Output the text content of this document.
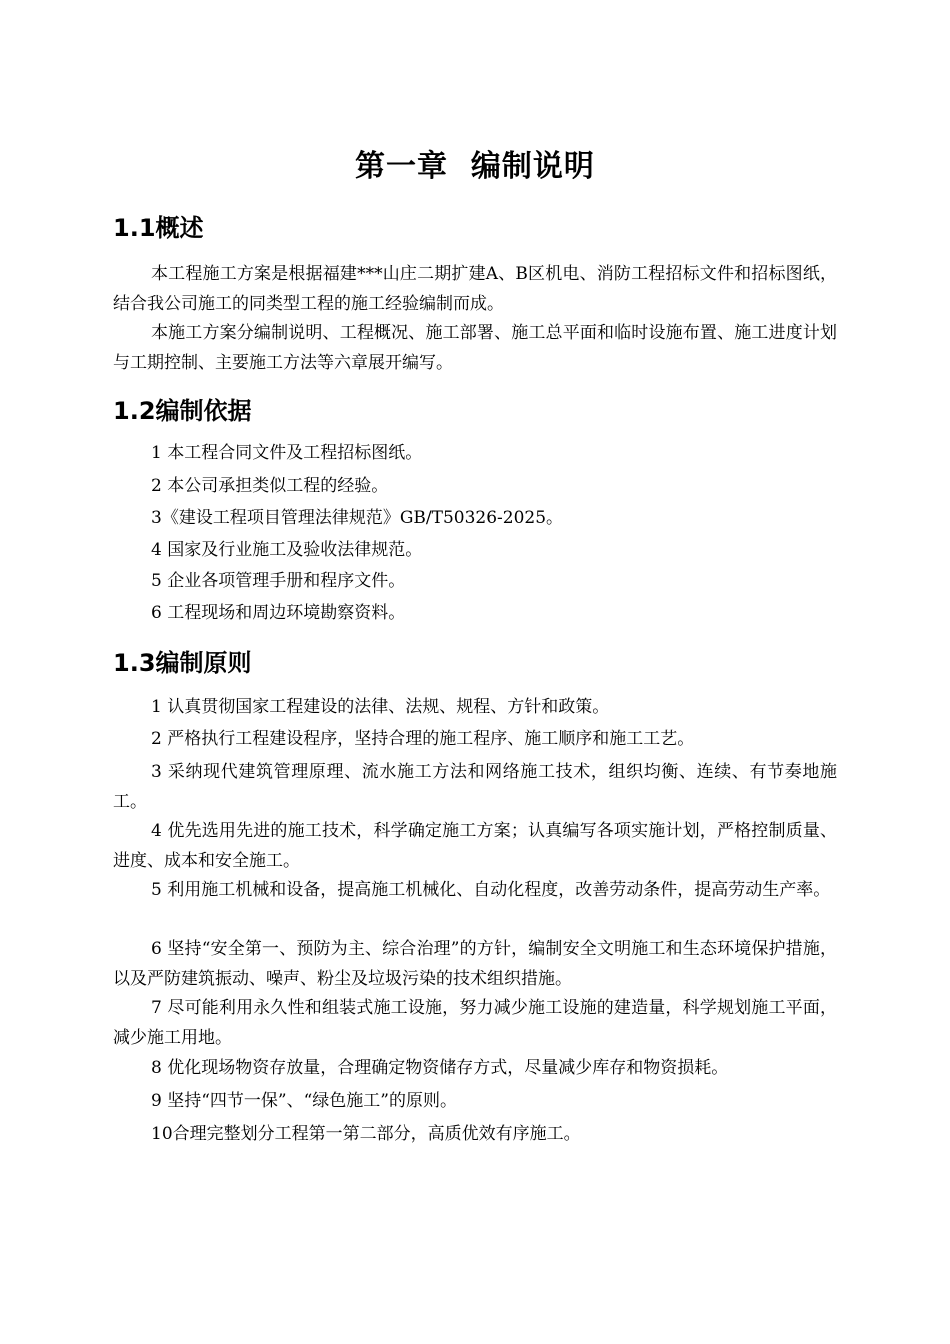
第一章  编制说明
1.1概述
本工程施工方案是根据福建***山庄二期扩建A、B区机电、消防工程招标文件和招标图纸，结合我公司施工的同类型工程的施工经验编制而成。
本施工方案分编制说明、工程概况、施工部署、施工总平面和临时设施布置、施工进度计划与工期控制、主要施工方法等六章展开编写。
1.2编制依据
1 本工程合同文件及工程招标图纸。
2 本公司承担类似工程的经验。
3《建设工程项目管理法律规范》GB/T50326-2025。
4 国家及行业施工及验收法律规范。
5 企业各项管理手册和程序文件。
6 工程现场和周边环境勘察资料。
1.3编制原则
1 认真贯彻国家工程建设的法律、法规、规程、方针和政策。
2 严格执行工程建设程序，坚持合理的施工程序、施工顺序和施工工艺。
3 采纳现代建筑管理原理、流水施工方法和网络施工技术，组织均衡、连续、有节奏地施工。
4 优先选用先进的施工技术，科学确定施工方案；认真编写各项实施计划，严格控制质量、进度、成本和安全施工。
5 利用施工机械和设备，提高施工机械化、自动化程度，改善劳动条件，提高劳动生产率。
6 坚持“安全第一、预防为主、综合治理”的方针，编制安全文明施工和生态环境保护措施，以及严防建筑振动、噪声、粉尘及垃圾污染的技术组织措施。
7 尽可能利用永久性和组装式施工设施，努力减少施工设施的建造量，科学规划施工平面，减少施工用地。
8 优化现场物资存放量，合理确定物资储存方式，尽量减少库存和物资损耗。
9 坚持“四节一保”、“绿色施工”的原则。
10合理完整划分工程第一第二部分，高质优效有序施工。
